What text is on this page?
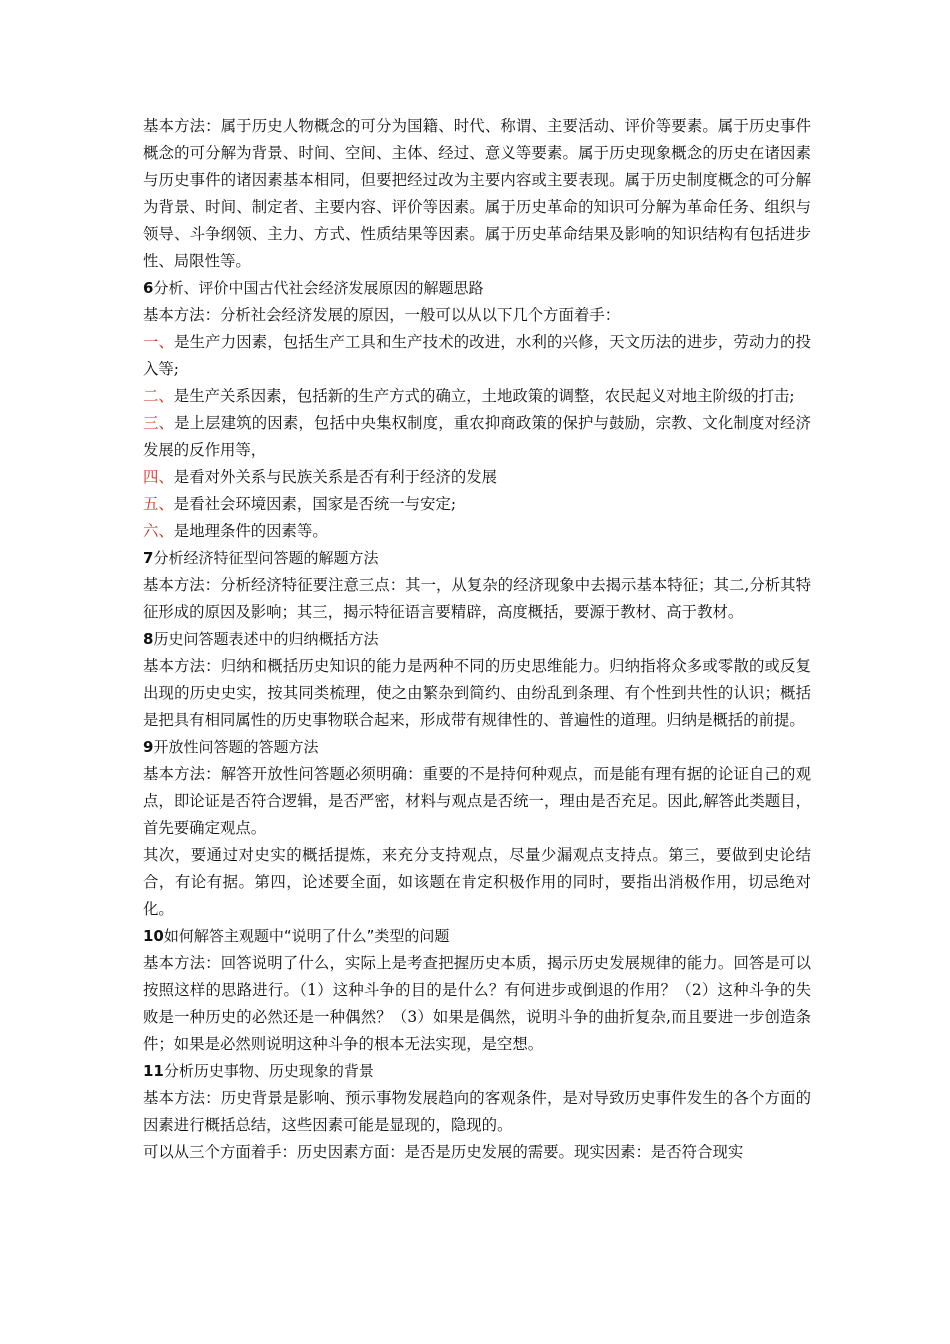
基本方法：属于历史人物概念的可分为国籍、时代、称谓、主要活动、评价等要素。属于历史事件概念的可分解为背景、时间、空间、主体、经过、意义等要素。属于历史现象概念的历史在诸因素与历史事件的诸因素基本相同，但要把经过改为主要内容或主要表现。属于历史制度概念的可分解为背景、时间、制定者、主要内容、评价等因素。属于历史革命的知识可分解为革命任务、组织与领导、斗争纲领、主力、方式、性质结果等因素。属于历史革命结果及影响的知识结构有包括进步性、局限性等。

6分析、评价中国古代社会经济发展原因的解题思路

基本方法：分析社会经济发展的原因，一般可以从以下几个方面着手：

一、是生产力因素，包括生产工具和生产技术的改进，水利的兴修，天文历法的进步，劳动力的投入等;

二、是生产关系因素，包括新的生产方式的确立，土地政策的调整，农民起义对地主阶级的打击;

三、是上层建筑的因素，包括中央集权制度，重农抑商政策的保护与鼓励，宗教、文化制度对经济发展的反作用等，

四、是看对外关系与民族关系是否有利于经济的发展

五、是看社会环境因素，国家是否统一与安定;

六、是地理条件的因素等。

7分析经济特征型问答题的解题方法

基本方法：分析经济特征要注意三点：其一，从复杂的经济现象中去揭示基本特征；其二,分析其特征形成的原因及影响；其三，揭示特征语言要精辟，高度概括，要源于教材、高于教材。

8历史问答题表述中的归纳概括方法

基本方法：归纳和概括历史知识的能力是两种不同的历史思维能力。归纳指将众多或零散的或反复出现的历史史实，按其同类梳理，使之由繁杂到简约、由纷乱到条理、有个性到共性的认识；概括是把具有相同属性的历史事物联合起来，形成带有规律性的、普遍性的道理。归纳是概括的前提。

9开放性问答题的答题方法

基本方法：解答开放性问答题必须明确：重要的不是持何种观点，而是能有理有据的论证自己的观点，即论证是否符合逻辑，是否严密，材料与观点是否统一，理由是否充足。因此,解答此类题目，首先要确定观点。

其次，要通过对史实的概括提炼，来充分支持观点，尽量少漏观点支持点。第三，要做到史论结合，有论有据。第四，论述要全面，如该题在肯定积极作用的同时，要指出消极作用，切忌绝对化。

10如何解答主观题中“说明了什么”类型的问题

基本方法：回答说明了什么，实际上是考查把握历史本质，揭示历史发展规律的能力。回答是可以按照这样的思路进行。（1）这种斗争的目的是什么？有何进步或倒退的作用？（2）这种斗争的失败是一种历史的必然还是一种偶然？（3）如果是偶然，说明斗争的曲折复杂,而且要进一步创造条件；如果是必然则说明这种斗争的根本无法实现，是空想。

11分析历史事物、历史现象的背景

基本方法：历史背景是影响、预示事物发展趋向的客观条件，是对导致历史事件发生的各个方面的因素进行概括总结，这些因素可能是显现的，隐现的。

可以从三个方面着手：历史因素方面：是否是历史发展的需要。现实因素：是否符合现实
